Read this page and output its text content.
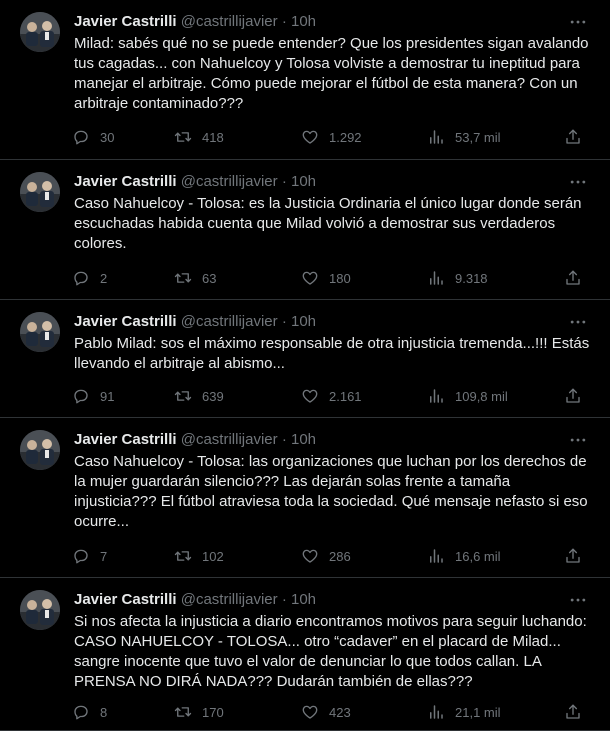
Javier Castrilli @castrillijavier · 10h
Milad: sabés qué no se puede entender? Que los presidentes sigan avalando tus cagadas... con Nahuelcoy y Tolosa volviste a demostrar tu ineptitud para manejar el arbitraje. Cómo puede mejorar el fútbol de esta manera? Con un arbitraje contaminado???
30	418	1.292	53,7 mil
Javier Castrilli @castrillijavier · 10h
Caso Nahuelcoy - Tolosa: es la Justicia Ordinaria el único lugar donde serán escuchadas habida cuenta que Milad volvió a demostrar sus verdaderos colores.
2	63	180	9.318
Javier Castrilli @castrillijavier · 10h
Pablo Milad: sos el máximo responsable de otra injusticia tremenda...!!! Estás llevando el arbitraje al abismo...
91	639	2.161	109,8 mil
Javier Castrilli @castrillijavier · 10h
Caso Nahuelcoy - Tolosa: las organizaciones que luchan por los derechos de la mujer guardarán silencio??? Las dejarán solas frente a tamaña injusticia??? El fútbol atraviesa toda la sociedad. Qué mensaje nefasto si eso ocurre...
7	102	286	16,6 mil
Javier Castrilli @castrillijavier · 10h
Si nos afecta la injusticia a diario encontramos motivos para seguir luchando: CASO NAHUELCOY - TOLOSA... otro “cadaver” en el placard de Milad... sangre inocente que tuvo el valor de denunciar lo que todos callan. LA PRENSA NO DIRÁ NADA??? Dudarán también de ellas???
8	170	423	21,1 mil
